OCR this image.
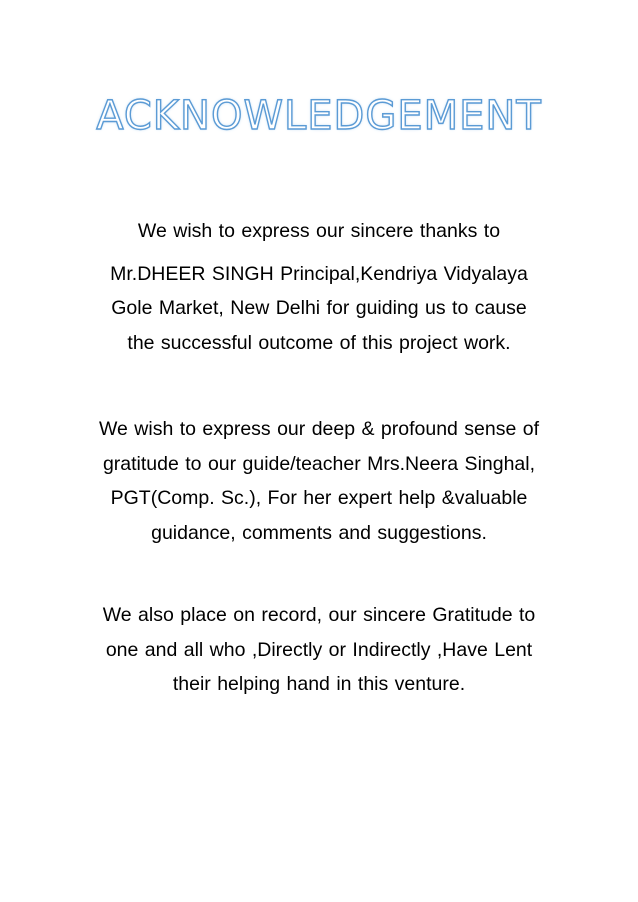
ACKNOWLEDGEMENT
We wish to express our sincere thanks to
Mr.DHEER SINGH Principal,Kendriya Vidyalaya
Gole Market, New Delhi for guiding us to cause
the successful outcome of this project work.
We wish to express our deep & profound sense of
gratitude to our guide/teacher Mrs.Neera Singhal,
PGT(Comp. Sc.), For her expert help &valuable
guidance, comments and suggestions.
We also place on record, our sincere Gratitude to
one and all who ,Directly or Indirectly ,Have Lent
their helping hand in this venture.
